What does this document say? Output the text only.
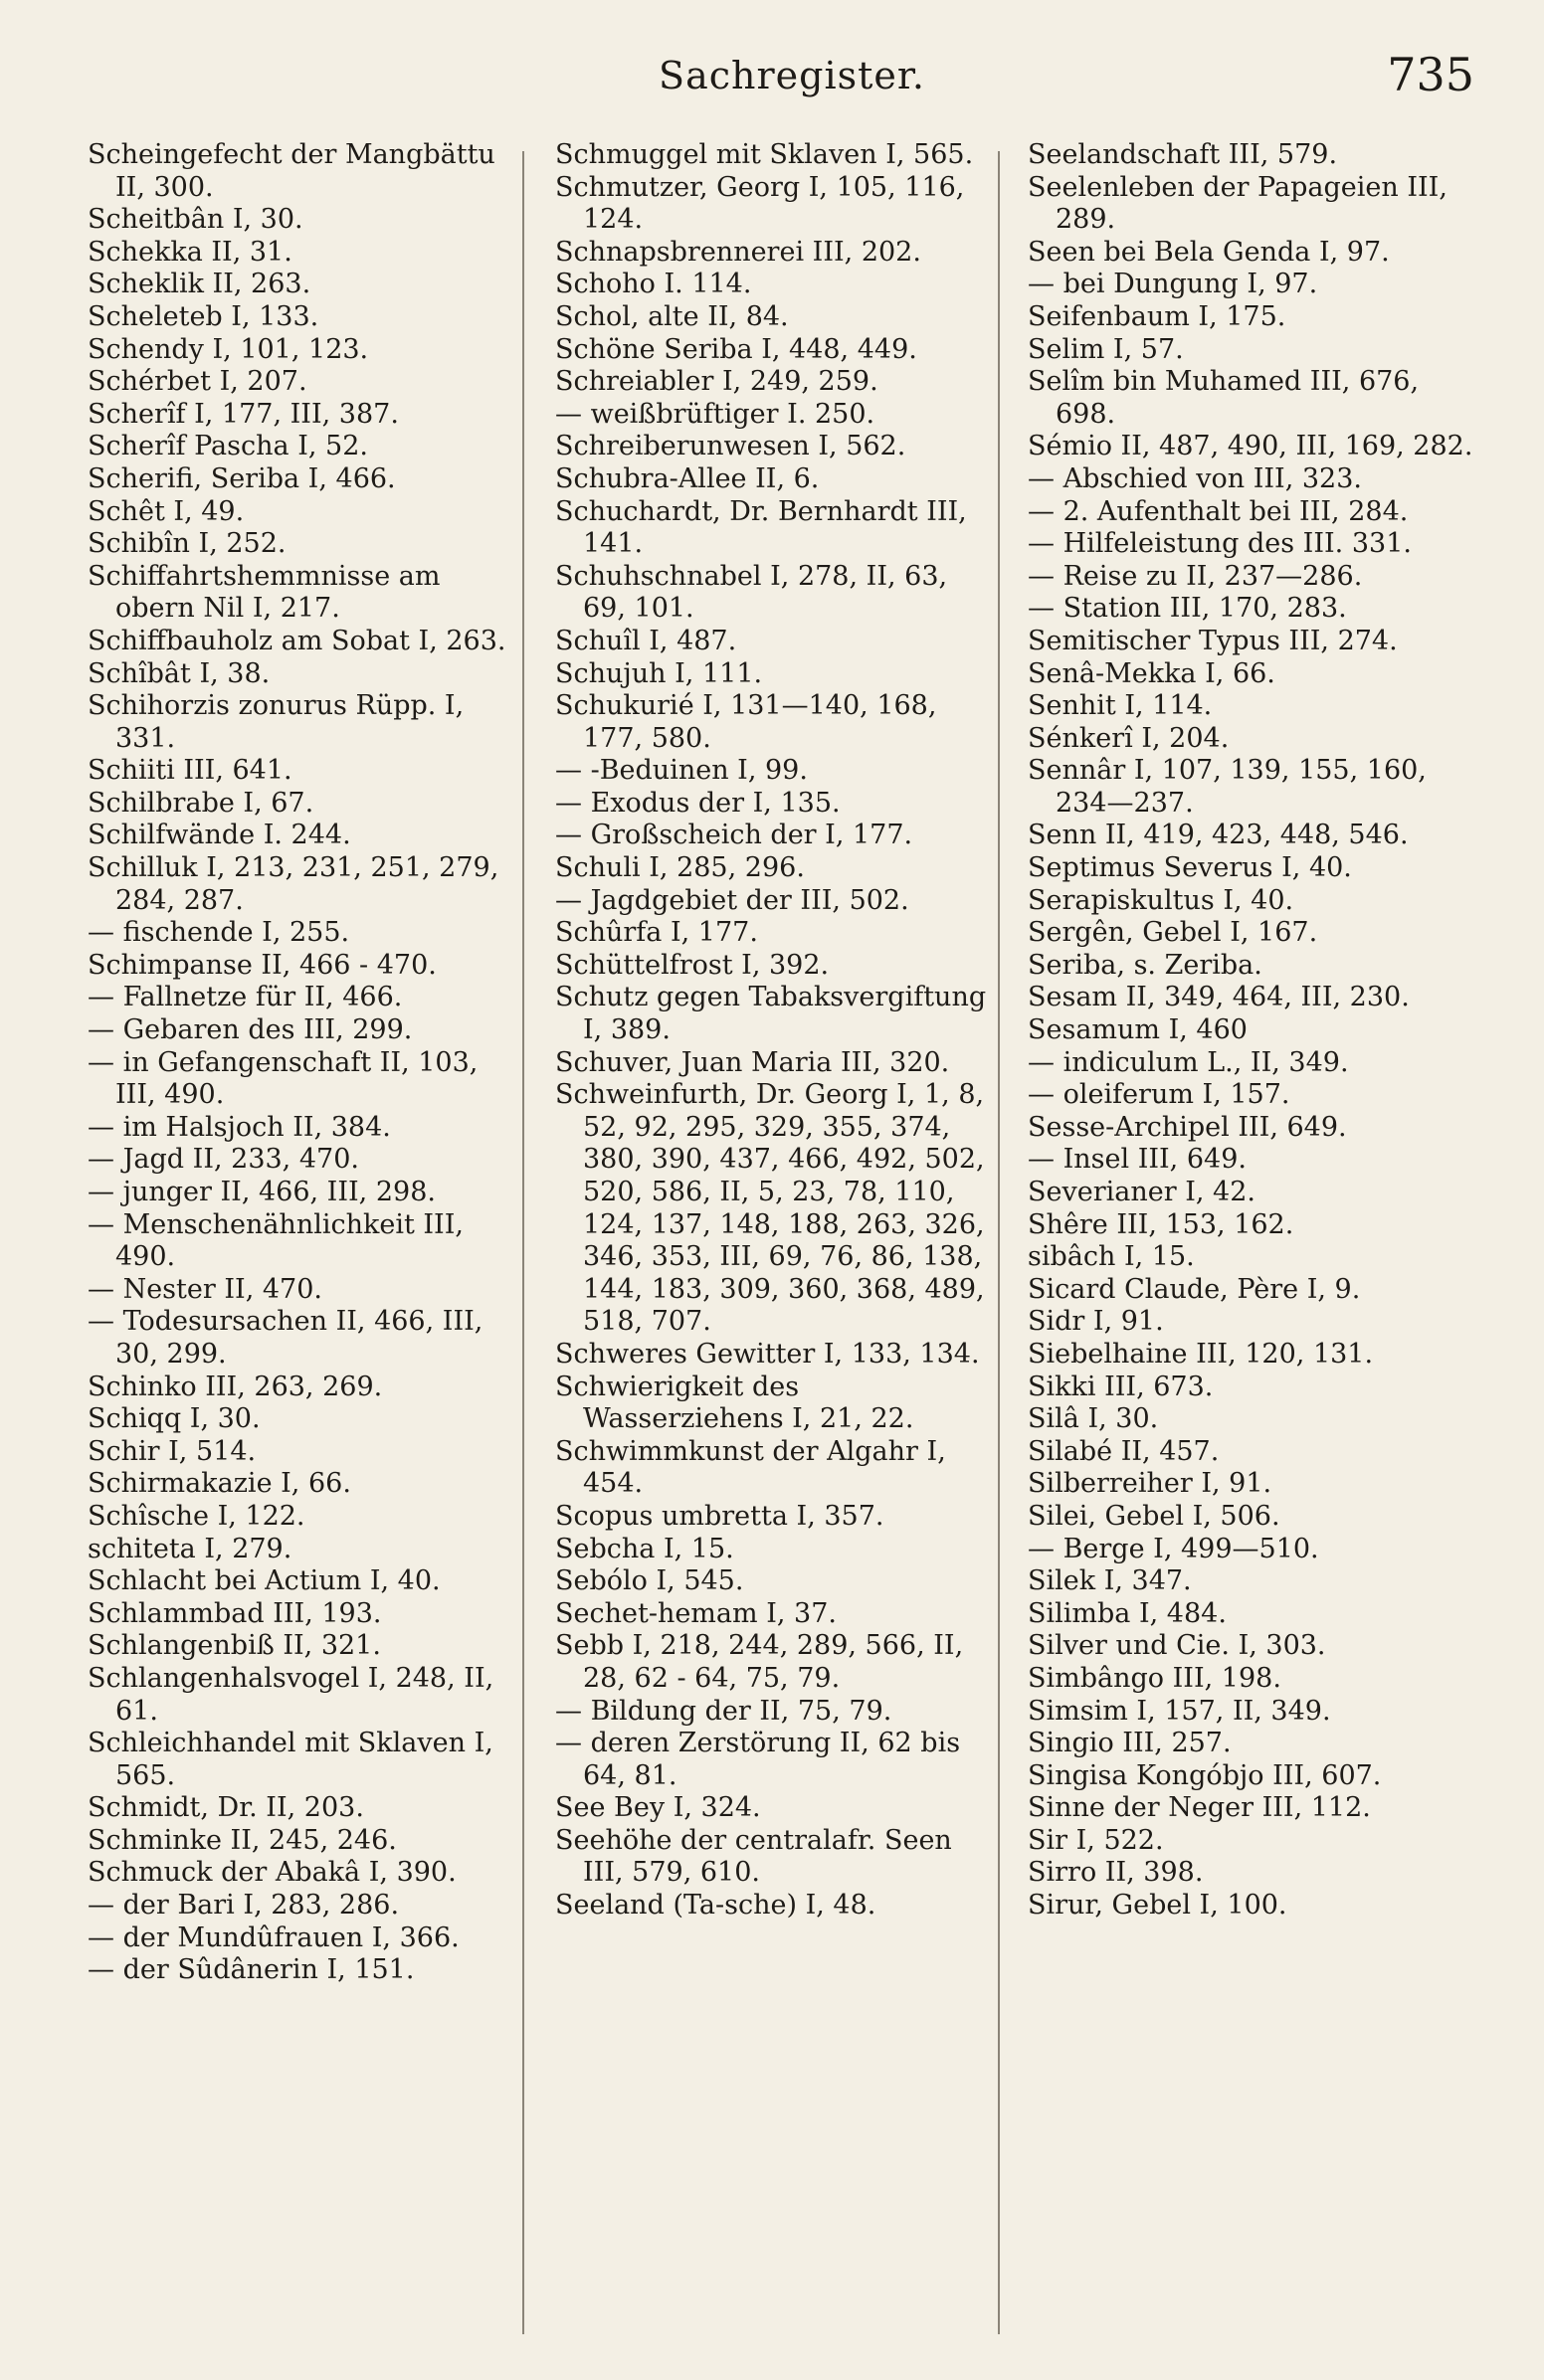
Sachregister.	735
Scheingefecht der Mangbättu II, 300.
Scheitbân I, 30.
Schekka II, 31.
Scheklik II, 263.
Scheleteb I, 133.
Schendy I, 101, 123.
Schérbet I, 207.
Scherîf I, 177, III, 387.
Scherîf Pascha I, 52.
Scherifi, Seriba I, 466.
Schêt I, 49.
Schibîn I, 252.
Schiffahrtshemmnisse am obern Nil I, 217.
Schiffbauholz am Sobat I, 263.
Schîbât I, 38.
Schihorzis zonurus Rüpp. I, 331.
Schiiti III, 641.
Schilbrabe I, 67.
Schilfwände I. 244.
Schilluk I, 213, 231, 251, 279, 284, 287.
— fischende I, 255.
Schimpanse II, 466 - 470.
— Fallnetze für II, 466.
— Gebaren des III, 299.
— in Gefangenschaft II, 103, III, 490.
— im Halsjoch II, 384.
— Jagd II, 233, 470.
— junger II, 466, III, 298.
— Menschenähnlichkeit III, 490.
— Nester II, 470.
— Todesursachen II, 466, III, 30, 299.
Schinko III, 263, 269.
Schiqq I, 30.
Schir I, 514.
Schirmakazie I, 66.
Schîsche I, 122.
schiteta I, 279.
Schlacht bei Actium I, 40.
Schlammbad III, 193.
Schlangenbiß II, 321.
Schlangenhalsvogel I, 248, II, 61.
Schleichhandel mit Sklaven I, 565.
Schmidt, Dr. II, 203.
Schminke II, 245, 246.
Schmuck der Abakâ I, 390.
— der Bari I, 283, 286.
— der Mundûfrauen I, 366.
— der Sûdânerin I, 151.
Schmuggel mit Sklaven I, 565.
Schmutzer, Georg I, 105, 116, 124.
Schnapsbrennerei III, 202.
Schoho I. 114.
Schol, alte II, 84.
Schöne Seriba I, 448, 449.
Schreiabler I, 249, 259.
— weißbrüftiger I. 250.
Schreiberunwesen I, 562.
Schubra-Allee II, 6.
Schuchardt, Dr. Bernhardt III, 141.
Schuhschnabel I, 278, II, 63, 69, 101.
Schuîl I, 487.
Schujuh I, 111.
Schukurié I, 131—140, 168, 177, 580.
— -Beduinen I, 99.
— Exodus der I, 135.
— Großscheich der I, 177.
Schuli I, 285, 296.
— Jagdgebiet der III, 502.
Schûrfa I, 177.
Schüttelfrost I, 392.
Schutz gegen Tabaksvergiftung I, 389.
Schuver, Juan Maria III, 320.
Schweinfurth, Dr. Georg I, 1, 8, 52, 92, 295, 329, 355, 374, 380, 390, 437, 466, 492, 502, 520, 586, II, 5, 23, 78, 110, 124, 137, 148, 188, 263, 326, 346, 353, III, 69, 76, 86, 138, 144, 183, 309, 360, 368, 489, 518, 707.
Schweres Gewitter I, 133, 134.
Schwierigkeit des Wasserziehens I, 21, 22.
Schwimmkunst der Algahr I, 454.
Scopus umbretta I, 357.
Sebcha I, 15.
Sebólo I, 545.
Sechet-hemam I, 37.
Sebb I, 218, 244, 289, 566, II, 28, 62 - 64, 75, 79.
— Bildung der II, 75, 79.
— deren Zerstörung II, 62 bis 64, 81.
See Bey I, 324.
Seehöhe der centralafr. Seen III, 579, 610.
Seeland (Ta-sche) I, 48.
Seelandschaft III, 579.
Seelenleben der Papageien III, 289.
Seen bei Bela Genda I, 97.
— bei Dungung I, 97.
Seifenbaum I, 175.
Selim I, 57.
Selîm bin Muhamed III, 676, 698.
Sémio II, 487, 490, III, 169, 282.
— Abschied von III, 323.
— 2. Aufenthalt bei III, 284.
— Hilfeleistung des III. 331.
— Reise zu II, 237—286.
— Station III, 170, 283.
Semitischer Typus III, 274.
Senâ-Mekka I, 66.
Senhit I, 114.
Sénkerî I, 204.
Sennâr I, 107, 139, 155, 160, 234—237.
Senn II, 419, 423, 448, 546.
Septimus Severus I, 40.
Serapiskultus I, 40.
Sergên, Gebel I, 167.
Seriba, s. Zeriba.
Sesam II, 349, 464, III, 230.
Sesamum I, 460
— indiculum L., II, 349.
— oleiferum I, 157.
Sesse-Archipel III, 649.
— Insel III, 649.
Severianer I, 42.
Shêre III, 153, 162.
sibâch I, 15.
Sicard Claude, Père I, 9.
Sidr I, 91.
Siebelhaine III, 120, 131.
Sikki III, 673.
Silâ I, 30.
Silabé II, 457.
Silberreiher I, 91.
Silei, Gebel I, 506.
— Berge I, 499—510.
Silek I, 347.
Silimba I, 484.
Silver und Cie. I, 303.
Simbângo III, 198.
Simsim I, 157, II, 349.
Singio III, 257.
Singisa Kongóbjo III, 607.
Sinne der Neger III, 112.
Sir I, 522.
Sirro II, 398.
Sirur, Gebel I, 100.
